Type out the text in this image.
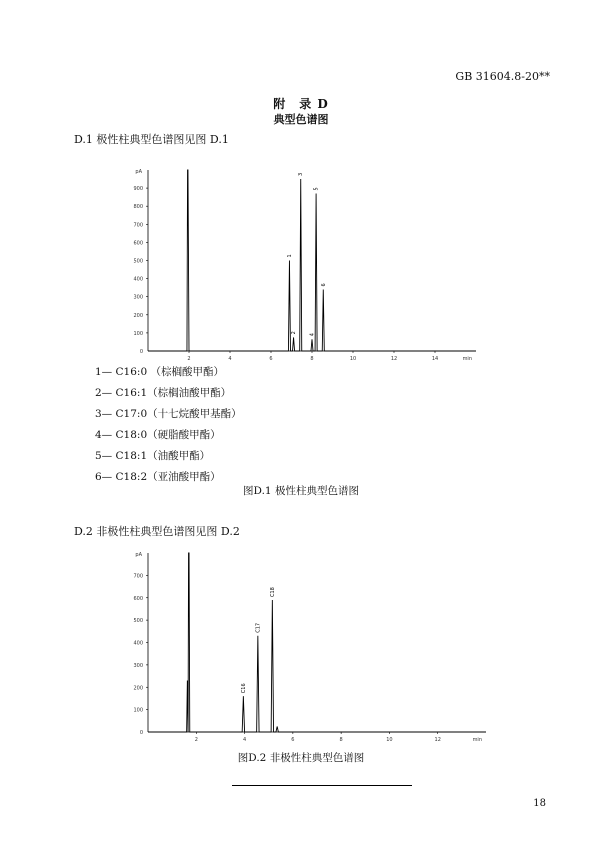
GB 31604.8-20**
附　录 D
典型色谱图
D.1 极性柱典型色谱图见图 D.1
pA
min
100
200
300
400
500
600
700
800
900
0
2	4	6	8	10	12	14
1
2
3
4
5
6
pA
min
100
200
300
400
500
600
700
0
2	4	6	8	10	12
C16
C17
C18
1— C16:0 （棕榈酸甲酯）
2— C16:1（棕榈油酸甲酯）
3— C17:0（十七烷酸甲基酯）
4— C18:0（硬脂酸甲酯）
5— C18:1（油酸甲酯）
6— C18:2（亚油酸甲酯）
图D.1 极性柱典型色谱图
D.2 非极性柱典型色谱图见图 D.2
图D.2 非极性柱典型色谱图
18
